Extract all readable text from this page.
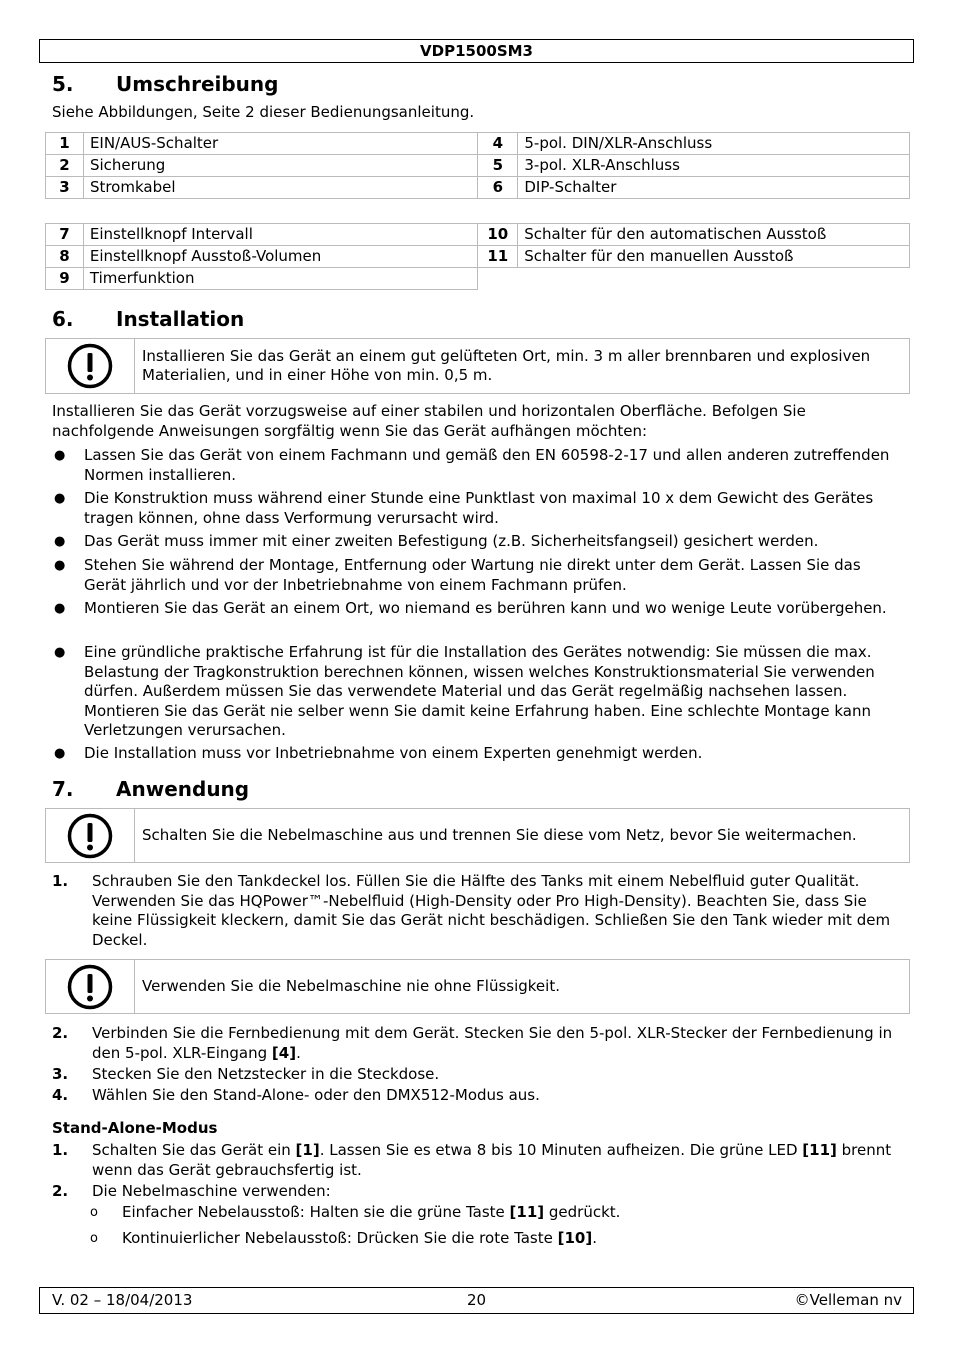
VDP1500SM3
5. Umschreibung
Siehe Abbildungen, Seite 2 dieser Bedienungsanleitung.
1	EIN/AUS-Schalter	4	5-pol. DIN/XLR-Anschluss
2	Sicherung	5	3-pol. XLR-Anschluss
3	Stromkabel	6	DIP-Schalter
7	Einstellknopf Intervall	10	Schalter für den automatischen Ausstoß
8	Einstellknopf Ausstoß-Volumen	11	Schalter für den manuellen Ausstoß
9	Timerfunktion		
6. Installation
Installieren Sie das Gerät an einem gut gelüfteten Ort, min. 3 m aller brennbaren und explosiven Materialien, und in einer Höhe von min. 0,5 m.
Installieren Sie das Gerät vorzugsweise auf einer stabilen und horizontalen Oberfläche. Befolgen Sie nachfolgende Anweisungen sorgfältig wenn Sie das Gerät aufhängen möchten:
● Lassen Sie das Gerät von einem Fachmann und gemäß den EN 60598-2-17 und allen anderen zutreffenden Normen installieren.
● Die Konstruktion muss während einer Stunde eine Punktlast von maximal 10 x dem Gewicht des Gerätes tragen können, ohne dass Verformung verursacht wird.
● Das Gerät muss immer mit einer zweiten Befestigung (z.B. Sicherheitsfangseil) gesichert werden.
● Stehen Sie während der Montage, Entfernung oder Wartung nie direkt unter dem Gerät. Lassen Sie das Gerät jährlich und vor der Inbetriebnahme von einem Fachmann prüfen.
● Montieren Sie das Gerät an einem Ort, wo niemand es berühren kann und wo wenige Leute vorübergehen.
● Eine gründliche praktische Erfahrung ist für die Installation des Gerätes notwendig: Sie müssen die max. Belastung der Tragkonstruktion berechnen können, wissen welches Konstruktionsmaterial Sie verwenden dürfen. Außerdem müssen Sie das verwendete Material und das Gerät regelmäßig nachsehen lassen. Montieren Sie das Gerät nie selber wenn Sie damit keine Erfahrung haben. Eine schlechte Montage kann Verletzungen verursachen.
● Die Installation muss vor Inbetriebnahme von einem Experten genehmigt werden.
7. Anwendung
Schalten Sie die Nebelmaschine aus und trennen Sie diese vom Netz, bevor Sie weitermachen.
1. Schrauben Sie den Tankdeckel los. Füllen Sie die Hälfte des Tanks mit einem Nebelfluid guter Qualität. Verwenden Sie das HQPower™-Nebelfluid (High-Density oder Pro High-Density). Beachten Sie, dass Sie keine Flüssigkeit kleckern, damit Sie das Gerät nicht beschädigen. Schließen Sie den Tank wieder mit dem Deckel.
Verwenden Sie die Nebelmaschine nie ohne Flüssigkeit.
2. Verbinden Sie die Fernbedienung mit dem Gerät. Stecken Sie den 5-pol. XLR-Stecker der Fernbedienung in den 5-pol. XLR-Eingang [4].
3. Stecken Sie den Netzstecker in die Steckdose.
4. Wählen Sie den Stand-Alone- oder den DMX512-Modus aus.
Stand-Alone-Modus
1. Schalten Sie das Gerät ein [1]. Lassen Sie es etwa 8 bis 10 Minuten aufheizen. Die grüne LED [11] brennt wenn das Gerät gebrauchsfertig ist.
2. Die Nebelmaschine verwenden:
o Einfacher Nebelausstoß: Halten sie die grüne Taste [11] gedrückt.
o Kontinuierlicher Nebelausstoß: Drücken Sie die rote Taste [10].
V. 02 – 18/04/2013	20	©Velleman nv
